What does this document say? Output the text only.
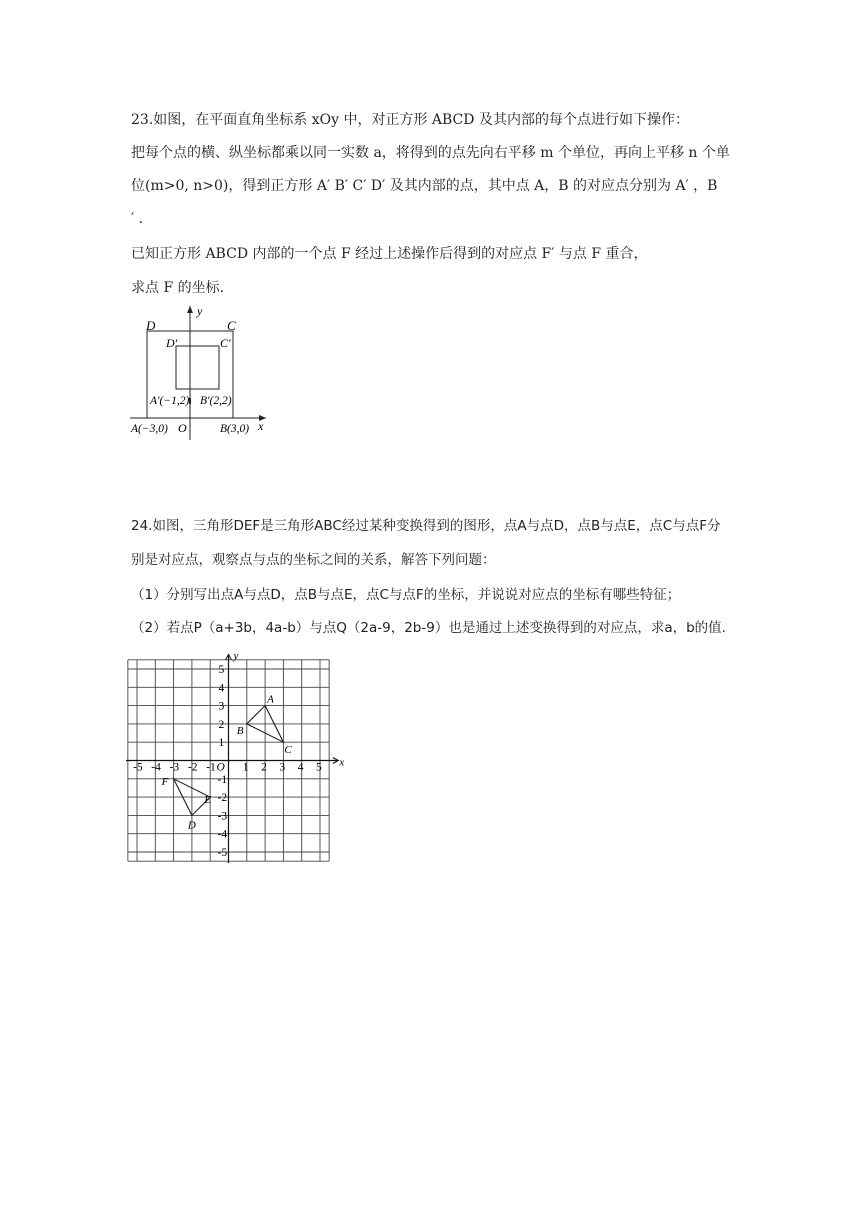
23.如图，在平面直角坐标系 xOy 中，对正方形 ABCD 及其内部的每个点进行如下操作：
把每个点的横、纵坐标都乘以同一实数 a，将得到的点先向右平移 m 个单位，再向上平移 n 个单
位(m>0, n>0)，得到正方形 A′ B′ C′ D′ 及其内部的点，其中点 A，B 的对应点分别为 A′ ，B
′ .
已知正方形 ABCD 内部的一个点 F 经过上述操作后得到的对应点 F′ 与点 F 重合，
求点 F 的坐标.
y
x
D	C
D′	C′
A′(−1,2) B′(2,2)
A(−3,0) O	B(3,0)
24.如图，三角形DEF是三角形ABC经过某种变换得到的图形，点A与点D，点B与点E，点C与点F分
别是对应点，观察点与点的坐标之间的关系，解答下列问题：
（1）分别写出点A与点D，点B与点E，点C与点F的坐标，并说说对应点的坐标有哪些特征；
（2）若点P（a+3b，4a-b）与点Q（2a-9，2b-9）也是通过上述变换得到的对应点，求a，b的值.
x
y
-5 -4 -3 -2 -1 O 1 2 3 4 5
5
4
3
2
1
-1
-2
-3
-4
-5
A
B
C
D
E
F
